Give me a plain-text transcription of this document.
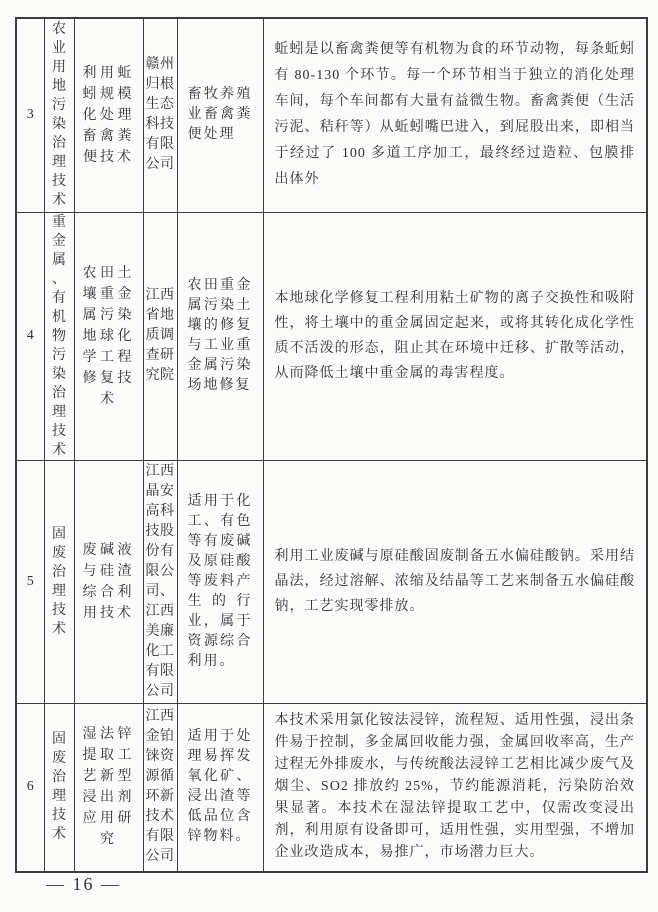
3	农业用地污染治理技术	利用蚯蚓规模化处理畜禽粪便技术	赣州归根生态科技有限公司	畜牧养殖业畜禽粪便处理	蚯蚓是以畜禽粪便等有机物为食的环节动物，每条蚯蚓有 80-130 个环节。每一个环节相当于独立的消化处理车间，每个车间都有大量有益微生物。畜禽粪便（生活污泥、秸秆等）从蚯蚓嘴巴进入，到屁股出来，即相当于经过了 100 多道工序加工，最终经过造粒、包膜排出体外
4	重金属、有机物污染治理技术	农田土壤重金属污染地球化学工程修复技术	江西省地质调查研究院	农田重金属污染土壤的修复与工业重金属污染场地修复	本地球化学修复工程利用粘土矿物的离子交换性和吸附性，将土壤中的重金属固定起来，或将其转化成化学性质不活泼的形态，阻止其在环境中迁移、扩散等活动，从而降低土壤中重金属的毒害程度。
5	固废治理技术	废碱液与硅渣综合利用技术	江西晶安高科技股份有限公司、江西美廉化工有限公司	适用于化工、有色等有废碱及原硅酸等废料产生的行业，属于资源综合利用。	利用工业废碱与原硅酸固废制备五水偏硅酸钠。采用结晶法，经过溶解、浓缩及结晶等工艺来制备五水偏硅酸钠，工艺实现零排放。
6	固废治理技术	湿法锌提取工艺新型浸出剂应用研究	江西金铂铼资源循环新技术有限公司	适用于处理易挥发氧化矿、浸出渣等低品位含锌物料。	本技术采用氯化铵法浸锌，流程短、适用性强，浸出条件易于控制，多金属回收能力强，金属回收率高，生产过程无外排废水，与传统酸法浸锌工艺相比减少废气及烟尘、SO2 排放约 25%，节约能源消耗，污染防治效果显著。本技术在湿法锌提取工艺中，仅需改变浸出剂，利用原有设备即可，适用性强，实用型强，不增加企业改造成本，易推广，市场潜力巨大。
— 16 —
